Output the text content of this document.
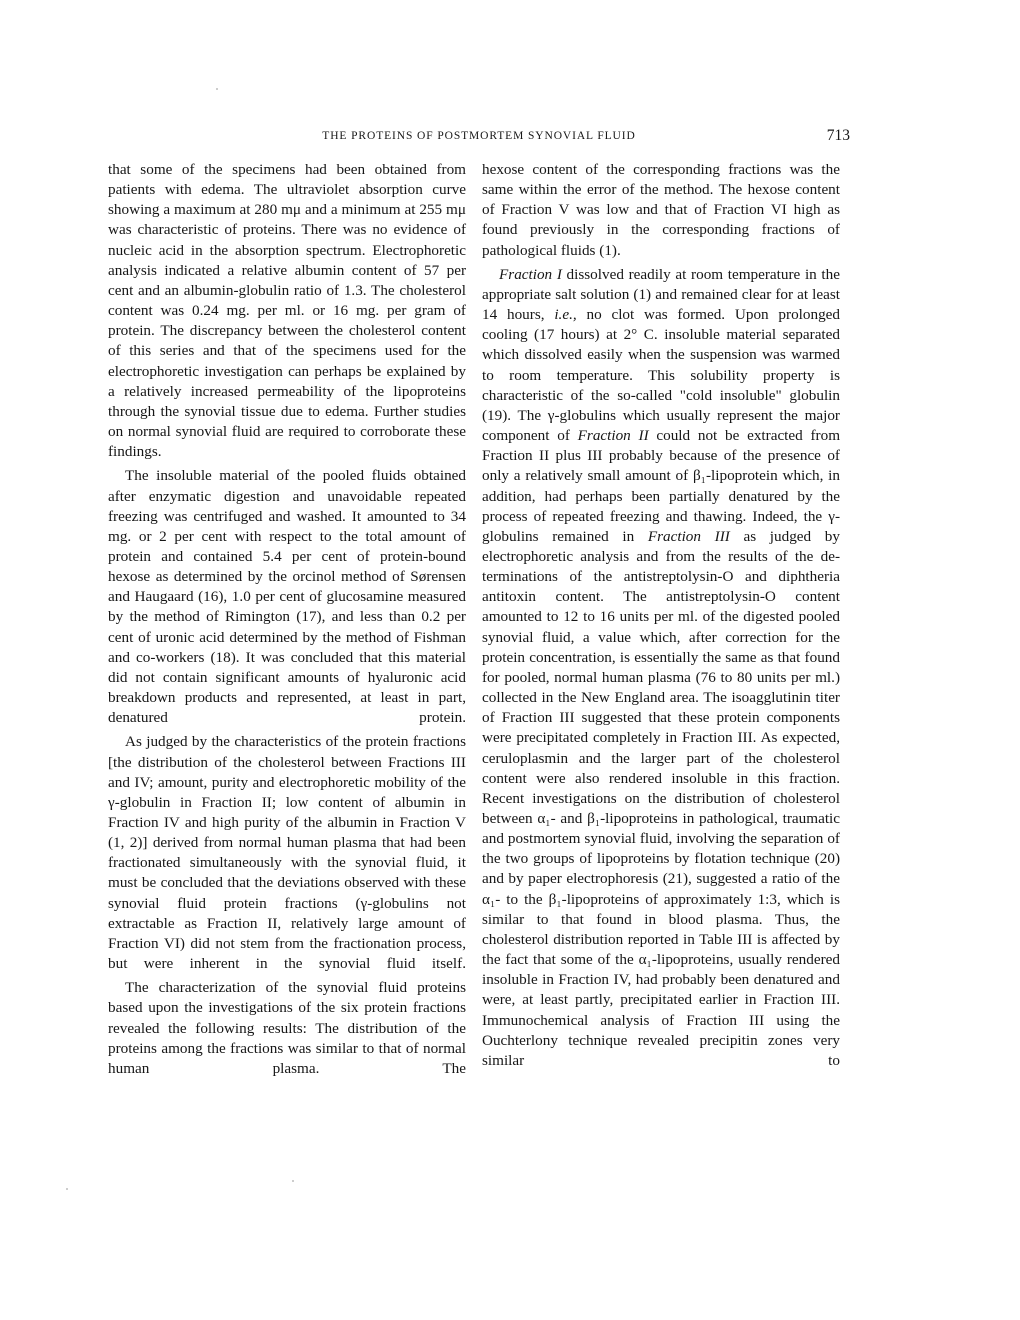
THE PROTEINS OF POSTMORTEM SYNOVIAL FLUID	713

that some of the specimens had been obtained from patients with edema. The ultraviolet absorption curve showing a maximum at 280 mμ and a minimum at 255 mμ was characteristic of proteins. There was no evidence of nucleic acid in the absorption spectrum. Electrophoretic analysis indicated a relative albumin content of 57 per cent and an albumin-globulin ratio of 1.3. The cholesterol content was 0.24 mg. per ml. or 16 mg. per gram of protein. The discrepancy between the cholesterol content of this series and that of the specimens used for the electrophoretic investigation can perhaps be explained by a relatively increased permeability of the lipoproteins through the synovial tissue due to edema. Further studies on normal synovial fluid are required to corroborate these findings.

The insoluble material of the pooled fluids obtained after enzymatic digestion and unavoidable repeated freezing was centrifuged and washed. It amounted to 34 mg. or 2 per cent with respect to the total amount of protein and contained 5.4 per cent of protein-bound hexose as determined by the orcinol method of Sørensen and Haugaard (16), 1.0 per cent of glucosamine measured by the method of Rimington (17), and less than 0.2 per cent of uronic acid determined by the method of Fishman and co-workers (18). It was concluded that this material did not contain significant amounts of hyaluronic acid breakdown products and represented, at least in part, denatured protein.

As judged by the characteristics of the protein fractions [the distribution of the cholesterol between Fractions III and IV; amount, purity and electrophoretic mobility of the γ-globulin in Fraction II; low content of albumin in Fraction IV and high purity of the albumin in Fraction V (1, 2)] derived from normal human plasma that had been fractionated simultaneously with the synovial fluid, it must be concluded that the deviations observed with these synovial fluid protein fractions (γ-globulins not extractable as Fraction II, relatively large amount of Fraction VI) did not stem from the fractionation process, but were inherent in the synovial fluid itself.

The characterization of the synovial fluid proteins based upon the investigations of the six protein fractions revealed the following results: The distribution of the proteins among the fractions was similar to that of normal human plasma. The

hexose content of the corresponding fractions was the same within the error of the method. The hexose content of Fraction V was low and that of Fraction VI high as found previously in the corresponding fractions of pathological fluids (1).

Fraction I dissolved readily at room temperature in the appropriate salt solution (1) and remained clear for at least 14 hours, i.e., no clot was formed. Upon prolonged cooling (17 hours) at 2° C. insoluble material separated which dissolved easily when the suspension was warmed to room temperature. This solubility property is characteristic of the so-called "cold insoluble" globulin (19). The γ-globulins which usually represent the major component of Fraction II could not be extracted from Fraction II plus III probably because of the presence of only a relatively small amount of β₁-lipoprotein which, in addition, had perhaps been partially denatured by the process of repeated freezing and thawing. Indeed, the γ-globulins remained in Fraction III as judged by electrophoretic analysis and from the results of the determinations of the antistreptolysin-O and diphtheria antitoxin content. The antistreptolysin-O content amounted to 12 to 16 units per ml. of the digested pooled synovial fluid, a value which, after correction for the protein concentration, is essentially the same as that found for pooled, normal human plasma (76 to 80 units per ml.) collected in the New England area. The isoagglutinin titer of Fraction III suggested that these protein components were precipitated completely in Fraction III. As expected, ceruloplasmin and the larger part of the cholesterol content were also rendered insoluble in this fraction. Recent investigations on the distribution of cholesterol between α₁- and β₁-lipoproteins in pathological, traumatic and postmortem synovial fluid, involving the separation of the two groups of lipoproteins by flotation technique (20) and by paper electrophoresis (21), suggested a ratio of the α₁- to the β₁-lipoproteins of approximately 1:3, which is similar to that found in blood plasma. Thus, the cholesterol distribution reported in Table III is affected by the fact that some of the α₁-lipoproteins, usually rendered insoluble in Fraction IV, had probably been denatured and were, at least partly, precipitated earlier in Fraction III. Immunochemical analysis of Fraction III using the Ouchterlony technique revealed precipitin zones very similar to
